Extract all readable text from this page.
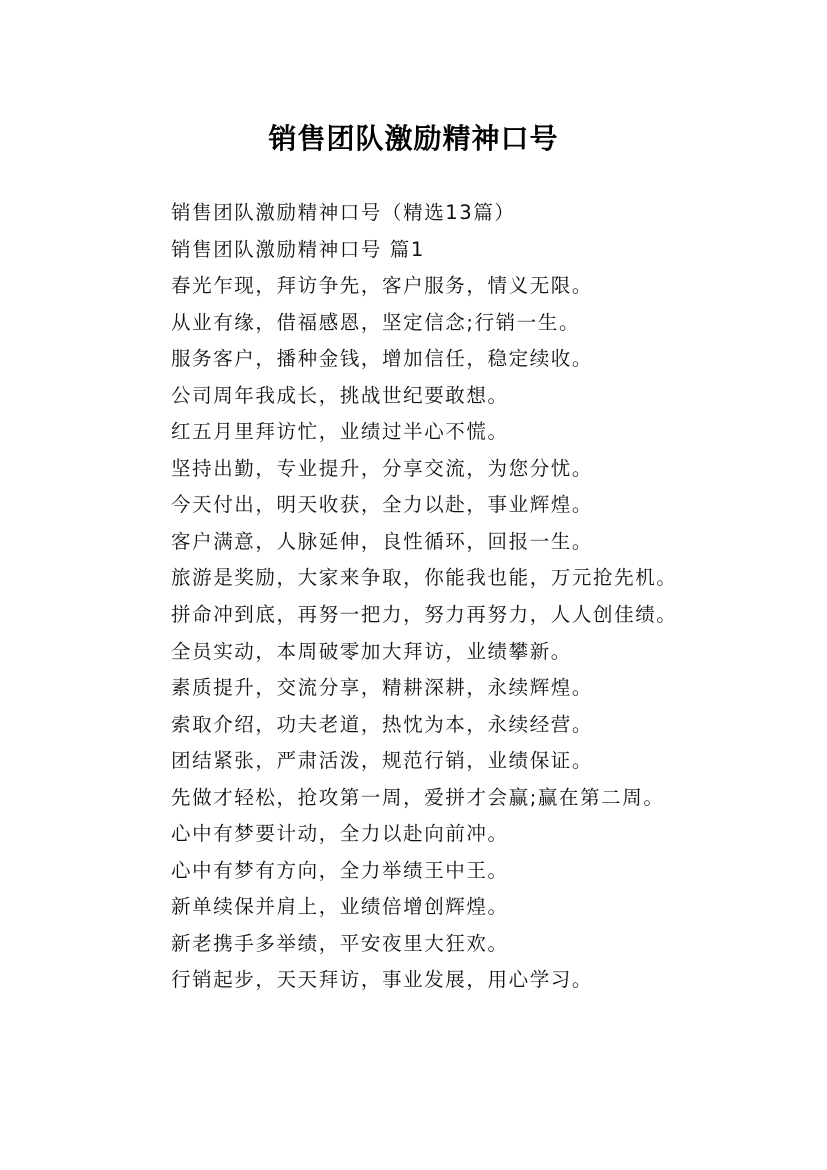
销售团队激励精神口号
销售团队激励精神口号（精选13篇）
销售团队激励精神口号 篇1
春光乍现，拜访争先，客户服务，情义无限。
从业有缘，借福感恩，坚定信念;行销一生。
服务客户，播种金钱，增加信任，稳定续收。
公司周年我成长，挑战世纪要敢想。
红五月里拜访忙，业绩过半心不慌。
坚持出勤，专业提升，分享交流，为您分忧。
今天付出，明天收获，全力以赴，事业辉煌。
客户满意，人脉延伸，良性循环，回报一生。
旅游是奖励，大家来争取，你能我也能，万元抢先机。
拼命冲到底，再努一把力，努力再努力，人人创佳绩。
全员实动，本周破零加大拜访，业绩攀新。
素质提升，交流分享，精耕深耕，永续辉煌。
索取介绍，功夫老道，热忱为本，永续经营。
团结紧张，严肃活泼，规范行销，业绩保证。
先做才轻松，抢攻第一周，爱拼才会赢;赢在第二周。
心中有梦要计动，全力以赴向前冲。
心中有梦有方向，全力举绩王中王。
新单续保并肩上，业绩倍增创辉煌。
新老携手多举绩，平安夜里大狂欢。
行销起步，天天拜访，事业发展，用心学习。
